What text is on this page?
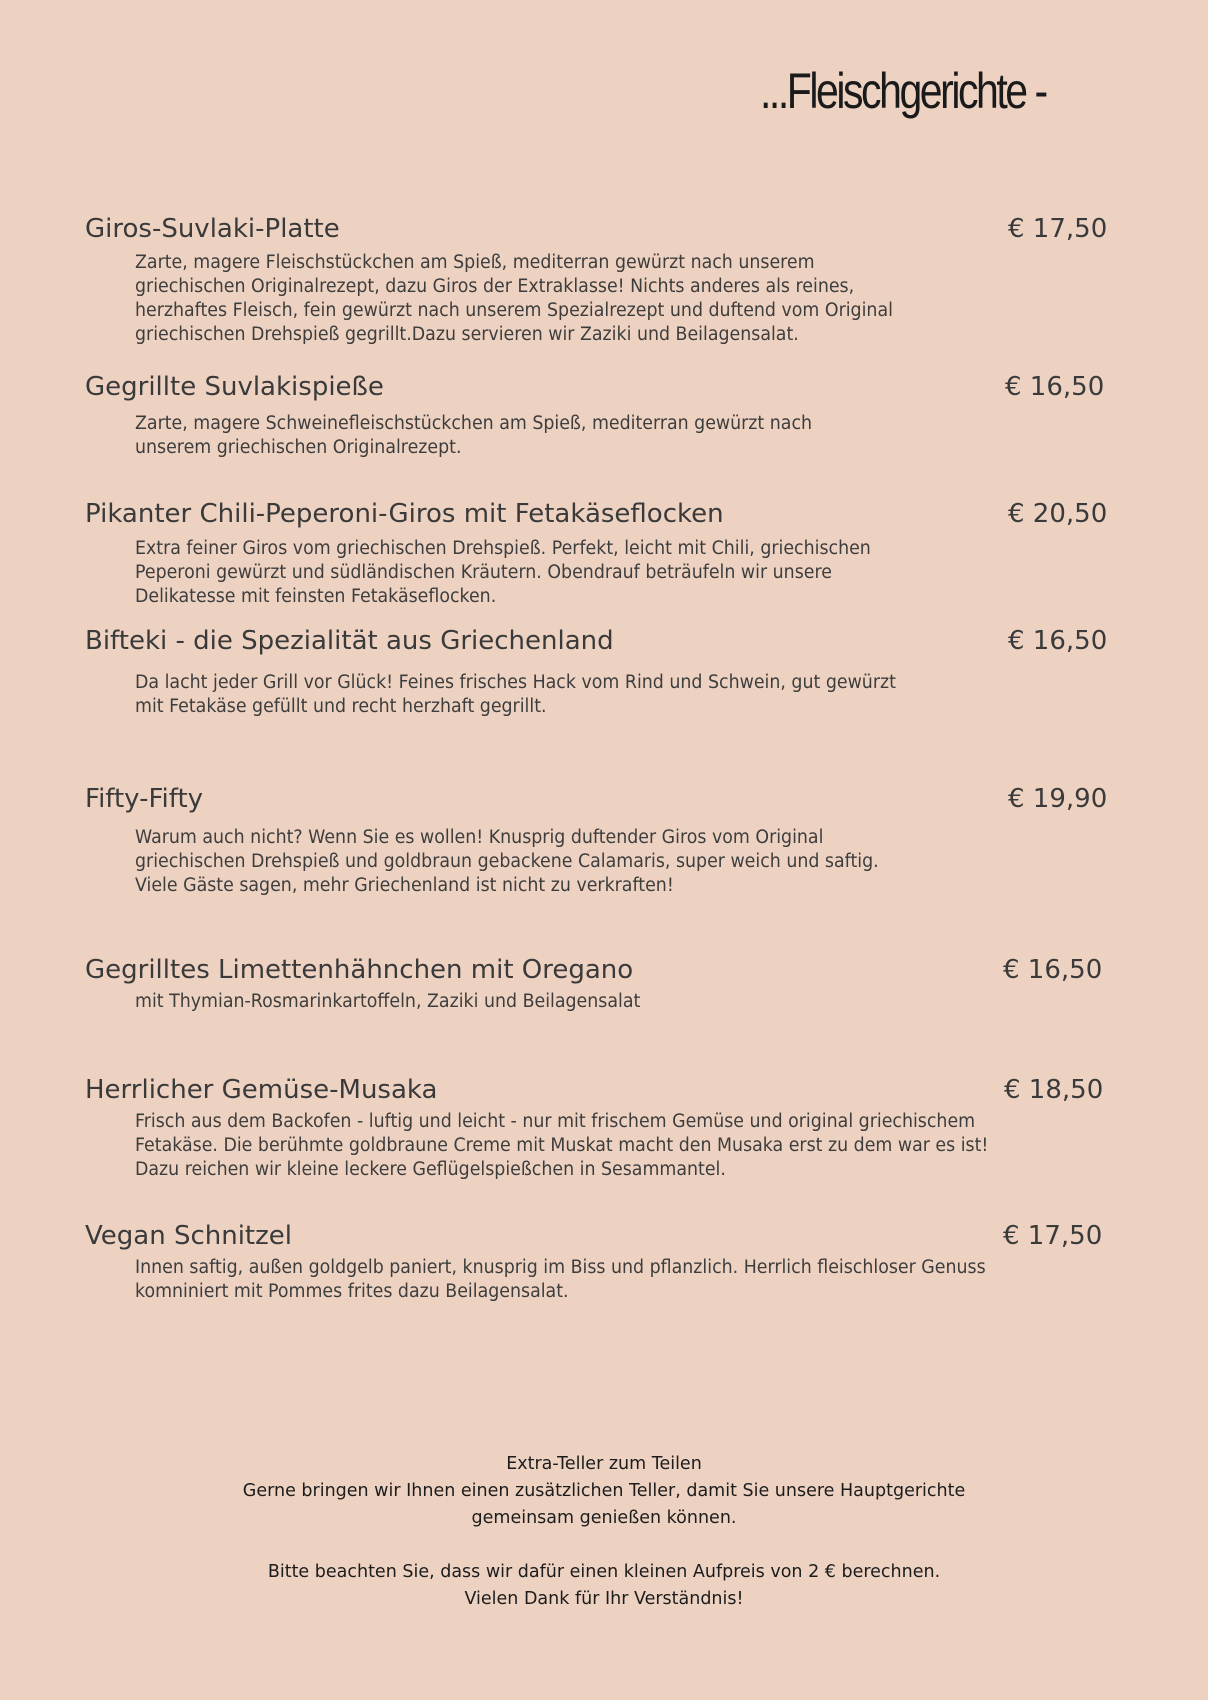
...Fleischgerichte -
Giros-Suvlaki-Platte	€ 17,50
Zarte, magere Fleischstückchen am Spieß, mediterran gewürzt nach unserem
griechischen Originalrezept, dazu Giros der Extraklasse! Nichts anderes als reines,
herzhaftes Fleisch, fein gewürzt nach unserem Spezialrezept und duftend vom Original
griechischen Drehspieß gegrillt.Dazu servieren wir Zaziki und Beilagensalat.
Gegrillte Suvlakispieße	€ 16,50
Zarte, magere Schweinefleischstückchen am Spieß, mediterran gewürzt nach
unserem griechischen Originalrezept.
Pikanter Chili-Peperoni-Giros mit Fetakäseflocken	€ 20,50
Extra feiner Giros vom griechischen Drehspieß. Perfekt, leicht mit Chili, griechischen
Peperoni gewürzt und südländischen Kräutern. Obendrauf beträufeln wir unsere
Delikatesse mit feinsten Fetakäseflocken.
Bifteki - die Spezialität aus Griechenland	€ 16,50
Da lacht jeder Grill vor Glück! Feines frisches Hack vom Rind und Schwein, gut gewürzt
mit Fetakäse gefüllt und recht herzhaft gegrillt.
Fifty-Fifty	€ 19,90
Warum auch nicht? Wenn Sie es wollen! Knusprig duftender Giros vom Original
griechischen Drehspieß und goldbraun gebackene Calamaris, super weich und saftig.
Viele Gäste sagen, mehr Griechenland ist nicht zu verkraften!
Gegrilltes Limettenhähnchen mit Oregano	€ 16,50
mit Thymian-Rosmarinkartoffeln, Zaziki und Beilagensalat
Herrlicher Gemüse-Musaka	€ 18,50
Frisch aus dem Backofen - luftig und leicht - nur mit frischem Gemüse und original griechischem
Fetakäse. Die berühmte goldbraune Creme mit Muskat macht den Musaka erst zu dem war es ist!
Dazu reichen wir kleine leckere Geflügelspießchen in Sesammantel.
Vegan Schnitzel	€ 17,50
Innen saftig, außen goldgelb paniert, knusprig im Biss und pflanzlich. Herrlich fleischloser Genuss
komniniert mit Pommes frites dazu Beilagensalat.
Extra-Teller zum Teilen
Gerne bringen wir Ihnen einen zusätzlichen Teller, damit Sie unsere Hauptgerichte
gemeinsam genießen können.
Bitte beachten Sie, dass wir dafür einen kleinen Aufpreis von 2 € berechnen.
Vielen Dank für Ihr Verständnis!
